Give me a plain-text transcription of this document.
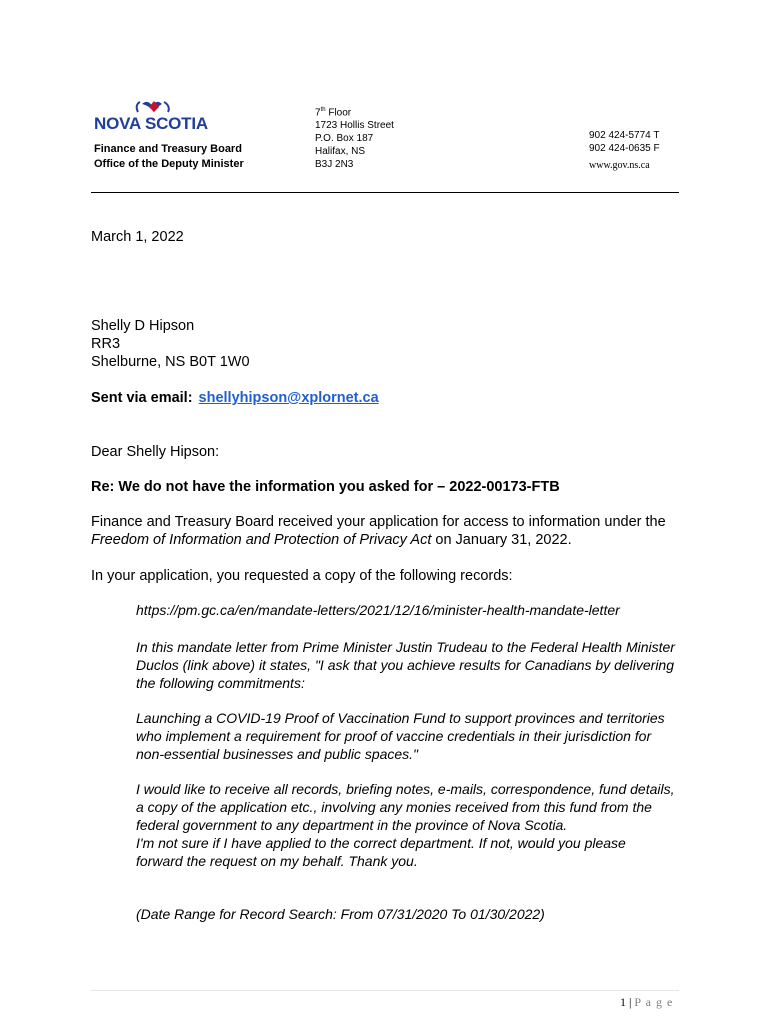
NOVA SCOTIA
Finance and Treasury Board
Office of the Deputy Minister
7th Floor
1723 Hollis Street
P.O. Box 187
Halifax, NS
B3J 2N3
902 424-5774 T
902 424-0635 F
www.gov.ns.ca
March 1, 2022
Shelly D Hipson
RR3
Shelburne, NS B0T 1W0
Sent via email: shellyhipson@xplornet.ca
Dear Shelly Hipson:
Re: We do not have the information you asked for – 2022-00173-FTB
Finance and Treasury Board received your application for access to information under the Freedom of Information and Protection of Privacy Act on January 31, 2022.
In your application, you requested a copy of the following records:
https://pm.gc.ca/en/mandate-letters/2021/12/16/minister-health-mandate-letter
In this mandate letter from Prime Minister Justin Trudeau to the Federal Health Minister Duclos (link above) it states, "I ask that you achieve results for Canadians by delivering the following commitments:
Launching a COVID-19 Proof of Vaccination Fund to support provinces and territories who implement a requirement for proof of vaccine credentials in their jurisdiction for non-essential businesses and public spaces."
I would like to receive all records, briefing notes, e-mails, correspondence, fund details, a copy of the application etc., involving any monies received from this fund from the federal government to any department in the province of Nova Scotia.
I'm not sure if I have applied to the correct department. If not, would you please forward the request on my behalf. Thank you.
(Date Range for Record Search: From 07/31/2020 To 01/30/2022)
1 | P a g e
